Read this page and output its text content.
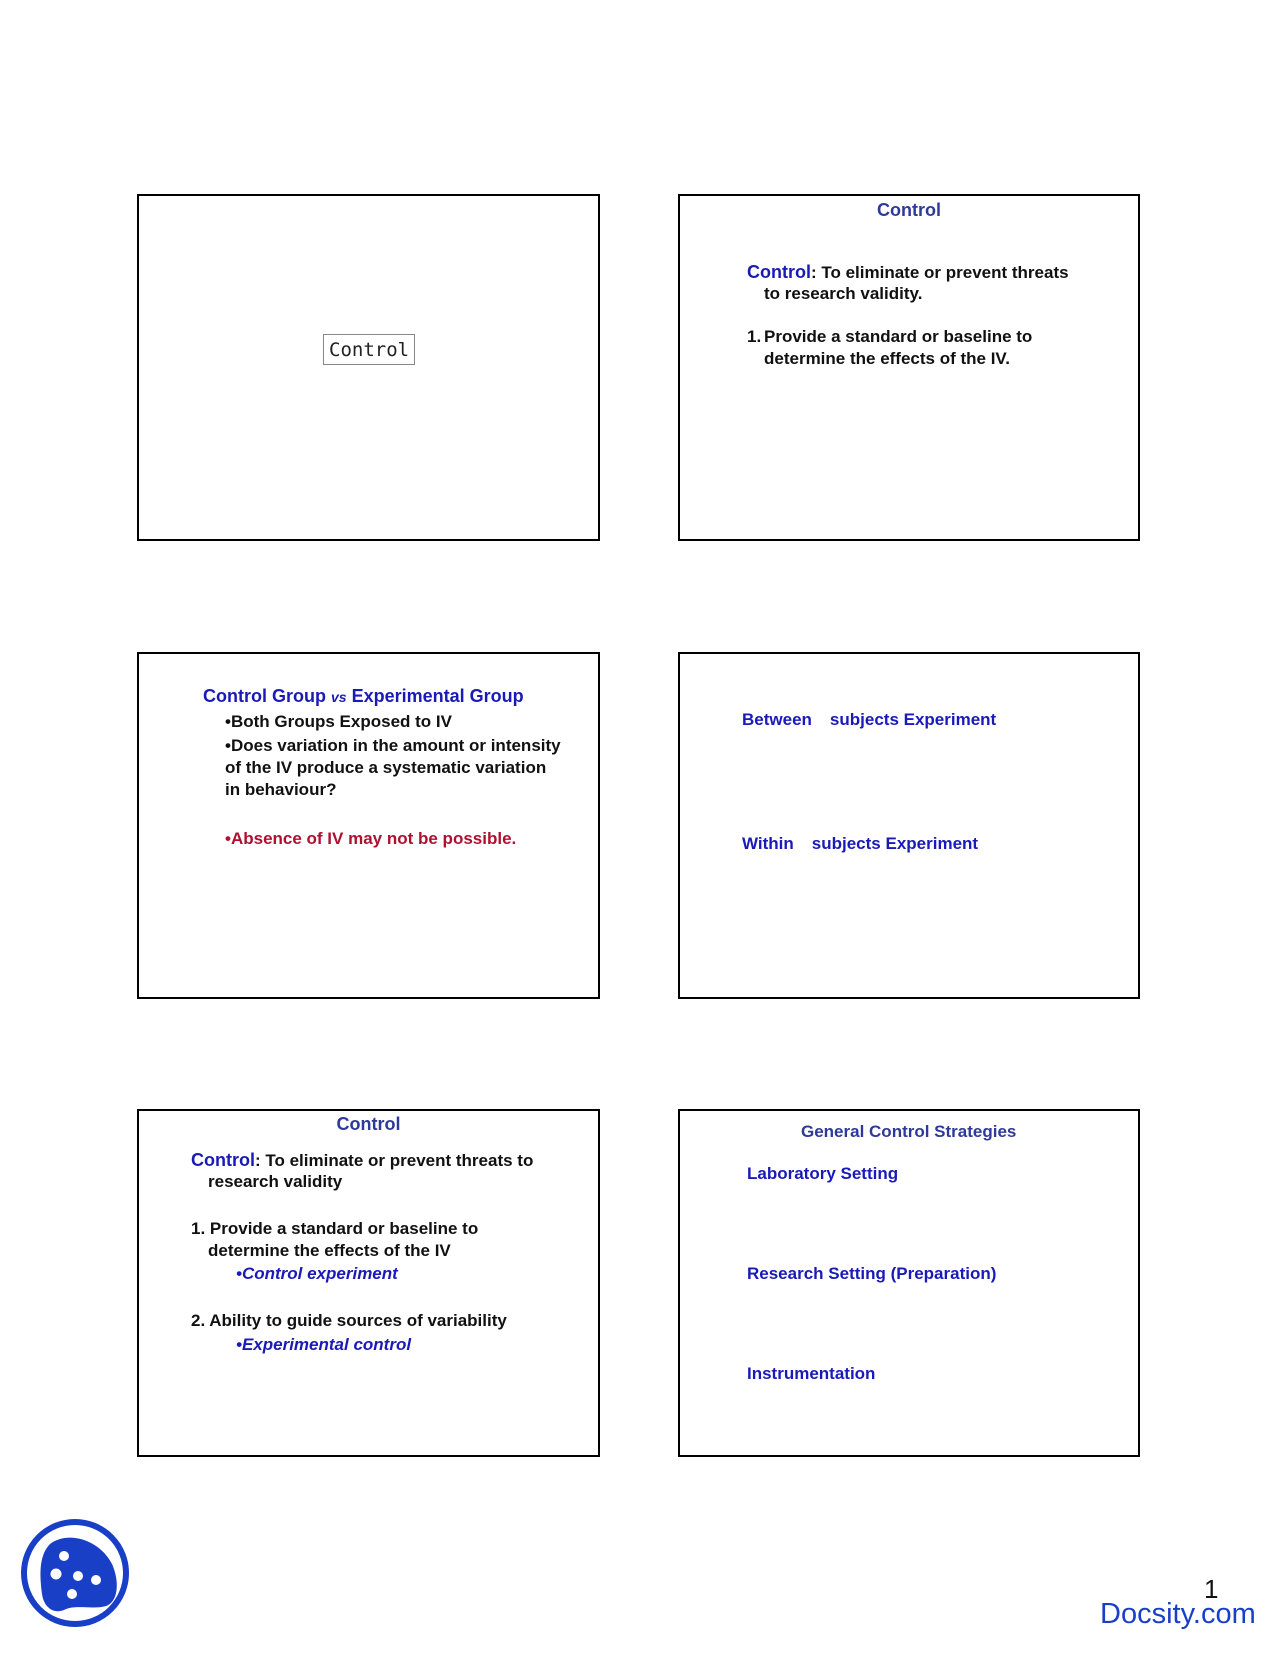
Control
Control
Control: To eliminate or prevent threats
to research validity.
1. Provide a standard or baseline to
determine the effects of the IV.
Control Group vs Experimental Group
•Both Groups Exposed to IV
•Does variation in the amount or intensity
of the IV produce a systematic variation
in behaviour?
•Absence of IV may not be possible.
Between subjects Experiment
Within subjects Experiment
Control
Control: To eliminate or prevent threats to
research validity
1. Provide a standard or baseline to
determine the effects of the IV
•Control experiment
2. Ability to guide sources of variability
•Experimental control
General Control Strategies
Laboratory Setting
Research Setting (Preparation)
Instrumentation
1
Docsity.com
